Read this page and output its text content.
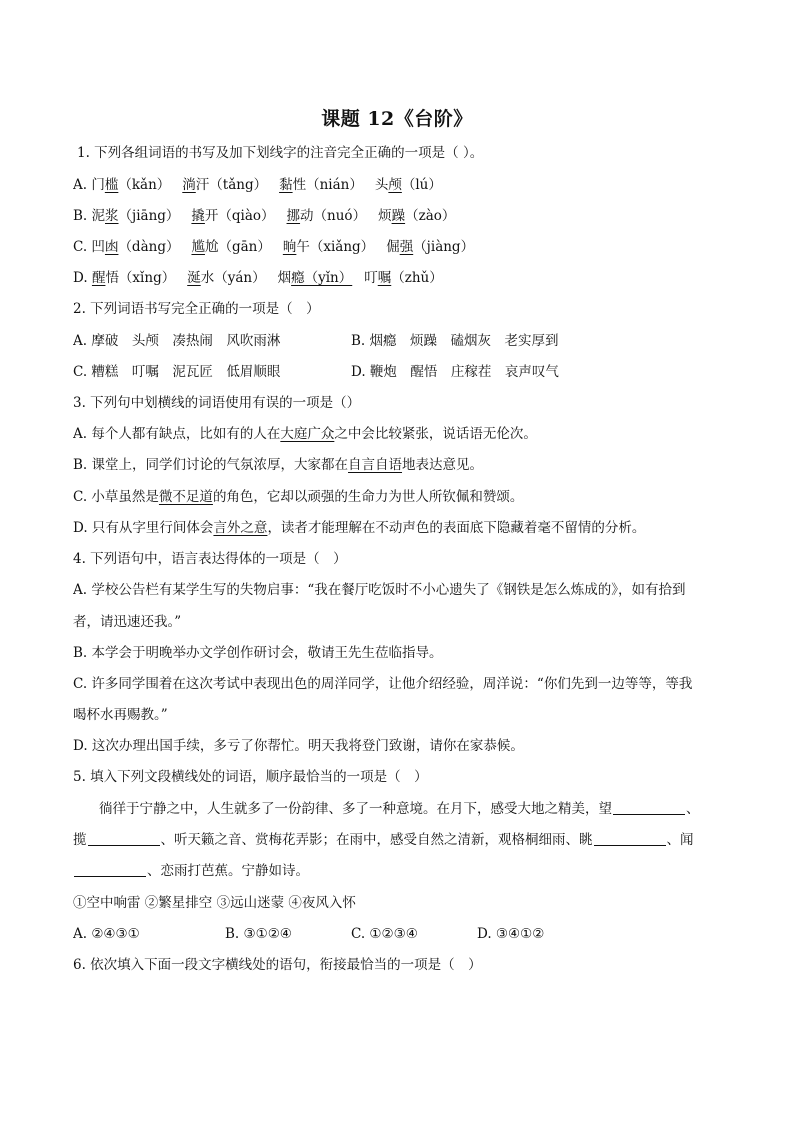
课题 12《台阶》
1. 下列各组词语的书写及加下划线字的注音完全正确的一项是（ ）。
A. 门槛（kǎn） 淌汗（tǎng） 黏性（nián） 头颅（lú）
B. 泥浆（jiāng） 撬开（qiào） 挪动（nuó） 烦躁（zào）
C. 凹凼（dàng） 尴尬（gān） 晌午（xiǎng） 倔强（jiàng）
D. 醒悟（xǐng） 涎水（yán） 烟瘾（yǐn） 叮嘱（zhǔ）
2. 下列词语书写完全正确的一项是（　）
A. 摩破　头颅　凑热闹　风吹雨淋	B. 烟瘾　烦躁　磕烟灰　老实厚到
C. 糟糕　叮嘱　泥瓦匠　低眉顺眼	D. 鞭炮　醒悟　庄稼茬　哀声叹气
3. 下列句中划横线的词语使用有误的一项是（）
A. 每个人都有缺点，比如有的人在大庭广众之中会比较紧张，说话语无伦次。
B. 课堂上，同学们讨论的气氛浓厚，大家都在自言自语地表达意见。
C. 小草虽然是微不足道的角色，它却以顽强的生命力为世人所钦佩和赞颂。
D. 只有从字里行间体会言外之意，读者才能理解在不动声色的表面底下隐藏着毫不留情的分析。
4. 下列语句中，语言表达得体的一项是（　）
A. 学校公告栏有某学生写的失物启事：“我在餐厅吃饭时不小心遗失了《钢铁是怎么炼成的》，如有拾到
者，请迅速还我。”
B. 本学会于明晚举办文学创作研讨会，敬请王先生莅临指导。
C. 许多同学围着在这次考试中表现出色的周洋同学，让他介绍经验，周洋说：“你们先到一边等等，等我
喝杯水再赐教。”
D. 这次办理出国手续，多亏了你帮忙。明天我将登门致谢，请你在家恭候。
5. 填入下列文段横线处的词语，顺序最恰当的一项是（　）
徜徉于宁静之中，人生就多了一份韵律、多了一种意境。在月下，感受大地之精美，望	、
揽	、听天籁之音、赏梅花弄影；在雨中，感受自然之清新，观格桐细雨、眺	、闻
、恋雨打芭蕉。宁静如诗。
①空中响雷 ②繁星排空 ③远山迷蒙 ④夜风入怀
A. ②④③①	B. ③①②④	C. ①②③④	D. ③④①②
6. 依次填入下面一段文字横线处的语句，衔接最恰当的一项是（　）
